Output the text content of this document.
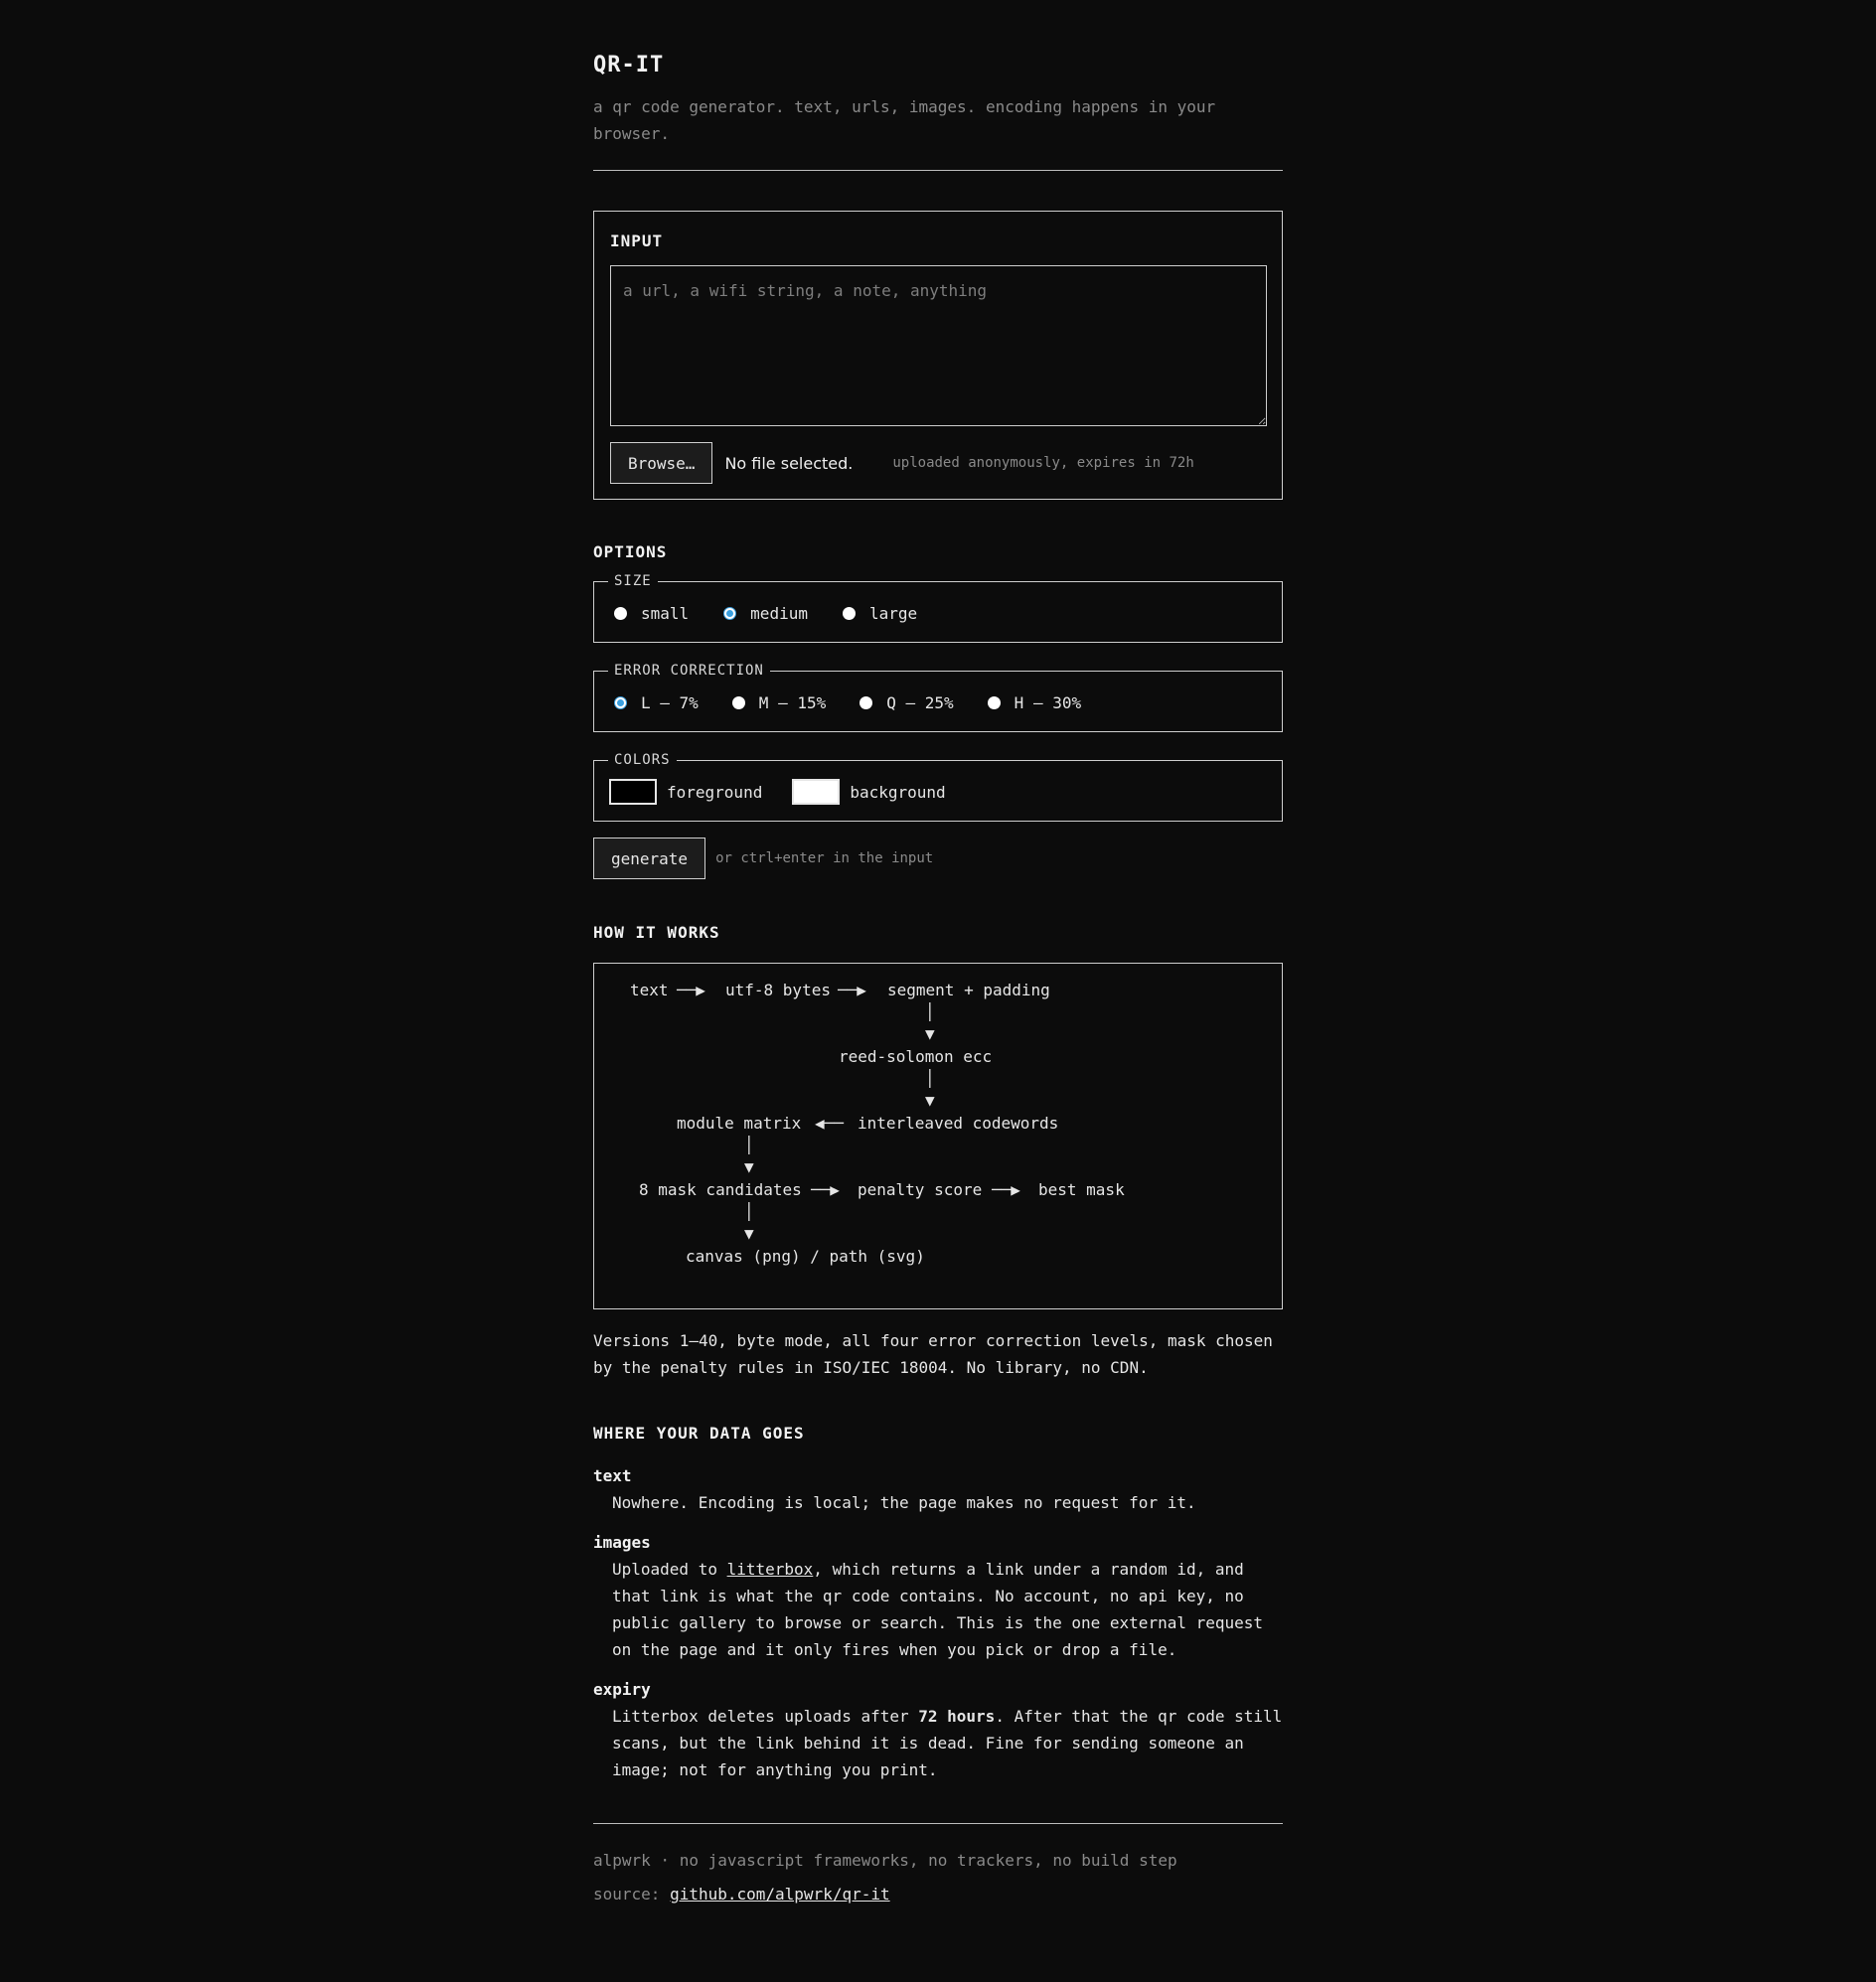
QR-IT
a qr code generator. text, urls, images. encoding happens in your browser.
INPUT
a url, a wifi string, a note, anything
Browse…	No file selected.	uploaded anonymously, expires in 72h
OPTIONS
SIZE
small	medium	large
ERROR CORRECTION
L — 7%	M — 15%	Q — 25%	H — 30%
COLORS
foreground	background
generate	or ctrl+enter in the input
HOW IT WORKS
text ──▶ utf-8 bytes ──▶ segment + padding
│
▼
reed-solomon ecc
│
▼
module matrix ◀── interleaved codewords
│
▼
8 mask candidates ──▶ penalty score ──▶ best mask
│
▼
canvas (png) / path (svg)
Versions 1–40, byte mode, all four error correction levels, mask chosen by the penalty rules in ISO/IEC 18004. No library, no CDN.
WHERE YOUR DATA GOES
text
Nowhere. Encoding is local; the page makes no request for it.
images
Uploaded to litterbox, which returns a link under a random id, and that link is what the qr code contains. No account, no api key, no public gallery to browse or search. This is the one external request on the page and it only fires when you pick or drop a file.
expiry
Litterbox deletes uploads after 72 hours. After that the qr code still scans, but the link behind it is dead. Fine for sending someone an image; not for anything you print.
alpwrk · no javascript frameworks, no trackers, no build step
source: github.com/alpwrk/qr-it
